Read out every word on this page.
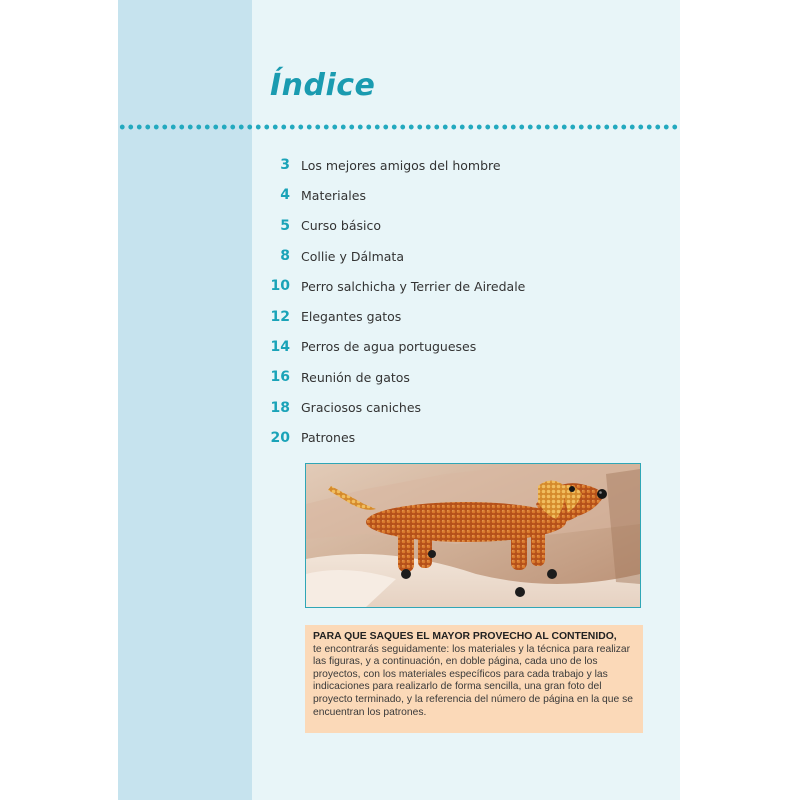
Índice
3 Los mejores amigos del hombre
4 Materiales
5 Curso básico
8 Collie y Dálmata
10 Perro salchicha y Terrier de Airedale
12 Elegantes gatos
14 Perros de agua portugueses
16 Reunión de gatos
18 Graciosos caniches
20 Patrones
PARA QUE SAQUES EL MAYOR PROVECHO AL CONTENIDO,
te encontrarás seguidamente: los materiales y la técnica para realizar las figuras, y a continuación, en doble página, cada uno de los proyectos, con los materiales específicos para cada trabajo y las indicaciones para realizarlo de forma sencilla, una gran foto del proyecto terminado, y la referencia del número de página en la que se encuentran los patrones.
